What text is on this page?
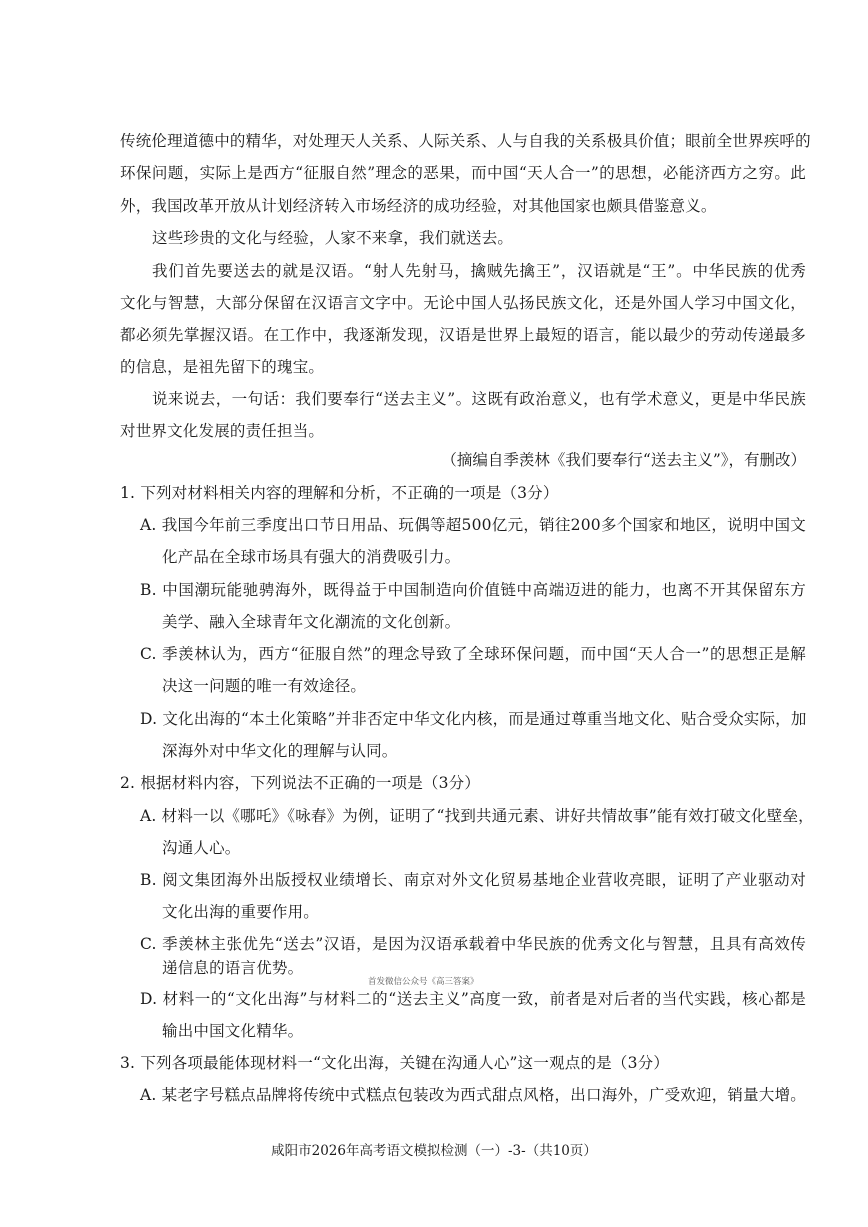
传统伦理道德中的精华，对处理天人关系、人际关系、人与自我的关系极具价值；眼前全世界疾呼的
环保问题，实际上是西方“征服自然”理念的恶果，而中国“天人合一”的思想，必能济西方之穷。此
外，我国改革开放从计划经济转入市场经济的成功经验，对其他国家也颇具借鉴意义。
这些珍贵的文化与经验，人家不来拿，我们就送去。
我们首先要送去的就是汉语。“射人先射马，擒贼先擒王”，汉语就是“王”。中华民族的优秀
文化与智慧，大部分保留在汉语言文字中。无论中国人弘扬民族文化，还是外国人学习中国文化，
都必须先掌握汉语。在工作中，我逐渐发现，汉语是世界上最短的语言，能以最少的劳动传递最多
的信息，是祖先留下的瑰宝。
说来说去，一句话：我们要奉行“送去主义”。这既有政治意义，也有学术意义，更是中华民族
对世界文化发展的责任担当。
（摘编自季羡林《我们要奉行“送去主义”》，有删改）
1. 下列对材料相关内容的理解和分析，不正确的一项是（3分）
A. 我国今年前三季度出口节日用品、玩偶等超500亿元，销往200多个国家和地区，说明中国文
化产品在全球市场具有强大的消费吸引力。
B. 中国潮玩能驰骋海外，既得益于中国制造向价值链中高端迈进的能力，也离不开其保留东方
美学、融入全球青年文化潮流的文化创新。
C. 季羡林认为，西方“征服自然”的理念导致了全球环保问题，而中国“天人合一”的思想正是解
决这一问题的唯一有效途径。
D. 文化出海的“本土化策略”并非否定中华文化内核，而是通过尊重当地文化、贴合受众实际，加
深海外对中华文化的理解与认同。
2. 根据材料内容，下列说法不正确的一项是（3分）
A. 材料一以《哪吒》《咏春》为例，证明了“找到共通元素、讲好共情故事”能有效打破文化壁垒，
沟通人心。
B. 阅文集团海外出版授权业绩增长、南京对外文化贸易基地企业营收亮眼，证明了产业驱动对
文化出海的重要作用。
C. 季羡林主张优先“送去”汉语，是因为汉语承载着中华民族的优秀文化与智慧，且具有高效传
递信息的语言优势。
首发微信公众号《高三答案》
D. 材料一的“文化出海”与材料二的“送去主义”高度一致，前者是对后者的当代实践，核心都是
输出中国文化精华。
3. 下列各项最能体现材料一“文化出海，关键在沟通人心”这一观点的是（3分）
A. 某老字号糕点品牌将传统中式糕点包装改为西式甜点风格，出口海外，广受欢迎，销量大增。
咸阳市2026年高考语文模拟检测（一）-3-（共10页）
